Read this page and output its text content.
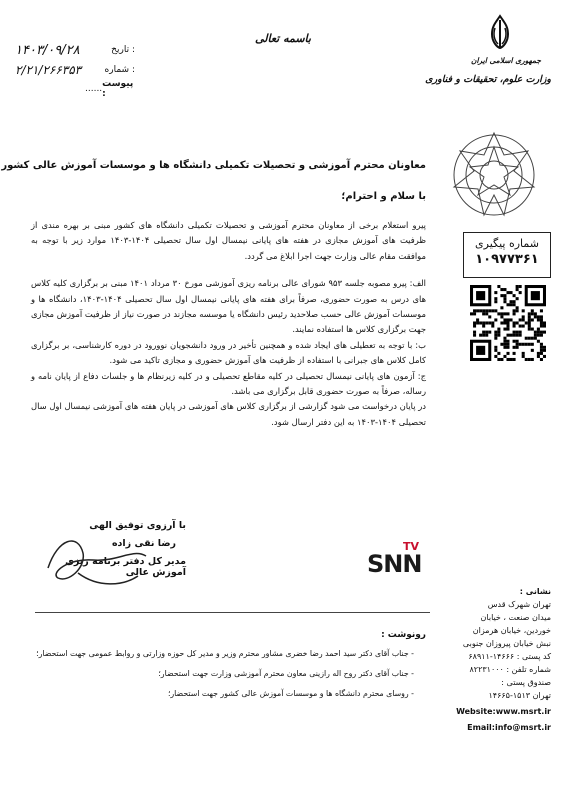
جمهوری اسلامی ایران
وزارت علوم، تحقیقات و فناوری
باسمه تعالی
۱۴۰۳/۰۹/۲۸	تاریخ :
۲/۲۱/۲۶۶۳۵۳	شماره :
...... پیوست :
شماره پیگیری
۱۰۹۷۷۳۶۱
معاونان محترم آموزشی و تحصیلات تکمیلی دانشگاه ها و موسسات آموزش عالی کشور
با سلام و احترام؛

پیرو استعلام برخی از معاونان محترم آموزشی و تحصیلات تکمیلی دانشگاه های کشور مبنی بر بهره مندی از ظرفیت های آموزش مجازی در هفته های پایانی نیمسال اول سال تحصیلی ۱۴۰۴-۱۴۰۳ موارد زیر با توجه به موافقت مقام عالی وزارت جهت اجرا ابلاغ می گردد.

الف: پیرو مصوبه جلسه ۹۵۳ شورای عالی برنامه ریزی آموزشی مورخ ۳۰ مرداد ۱۴۰۱ مبنی بر برگزاری کلیه کلاس های درس به صورت حضوری، صرفاً برای هفته های پایانی نیمسال اول سال تحصیلی ۱۴۰۴-۱۴۰۳، دانشگاه ها و موسسات آموزش عالی حسب صلاحدید رئیس دانشگاه یا موسسه مجازند در صورت نیاز از ظرفیت آموزش مجازی جهت برگزاری کلاس ها استفاده نمایند.

ب: با توجه به تعطیلی های ایجاد شده و همچنین تأخیر در ورود دانشجویان نوورود در دوره کارشناسی، بر برگزاری کامل کلاس های جبرانی با استفاده از ظرفیت های آموزش حضوری و مجازی تاکید می شود.

ج: آزمون های پایانی نیمسال تحصیلی در کلیه مقاطع تحصیلی و در کلیه زیرنظام ها و جلسات دفاع از پایان نامه و رساله، صرفاً به صورت حضوری قابل برگزاری می باشد.

در پایان درخواست می شود گزارشی از برگزاری کلاس های آموزشی در پایان هفته های آموزشی نیمسال اول سال تحصیلی ۱۴۰۴-۱۴۰۳ به این دفتر ارسال شود.

با آرزوی توفیق الهی
رضا نقی زاده
مدیر کل دفتر برنامه ریزی آموزش عالی
TV
SNN
نشانی :
تهران شهرک قدس
میدان صنعت ، خیابان
خوردین، خیابان هرمزان
نبش خیابان پیروزان جنوبی
کد پستی : ۱۴۶۶۶-۶۸۹۱۱
شماره تلفن : ۸۲۲۳۱۰۰۰
صندوق پستی :
تهران ۱۵۱۳-۱۴۶۶۵
Website:www.msrt.ir
Email:info@msrt.ir
رونوشت :
- جناب آقای دکتر سید احمد رضا خضری مشاور محترم وزیر و مدیر کل حوزه وزارتی و روابط عمومی جهت استحضار؛
- جناب آقای دکتر روح اله رازینی معاون محترم آموزشی وزارت جهت استحضار؛
- روسای محترم دانشگاه ها و موسسات آموزش عالی کشور جهت استحضار؛
